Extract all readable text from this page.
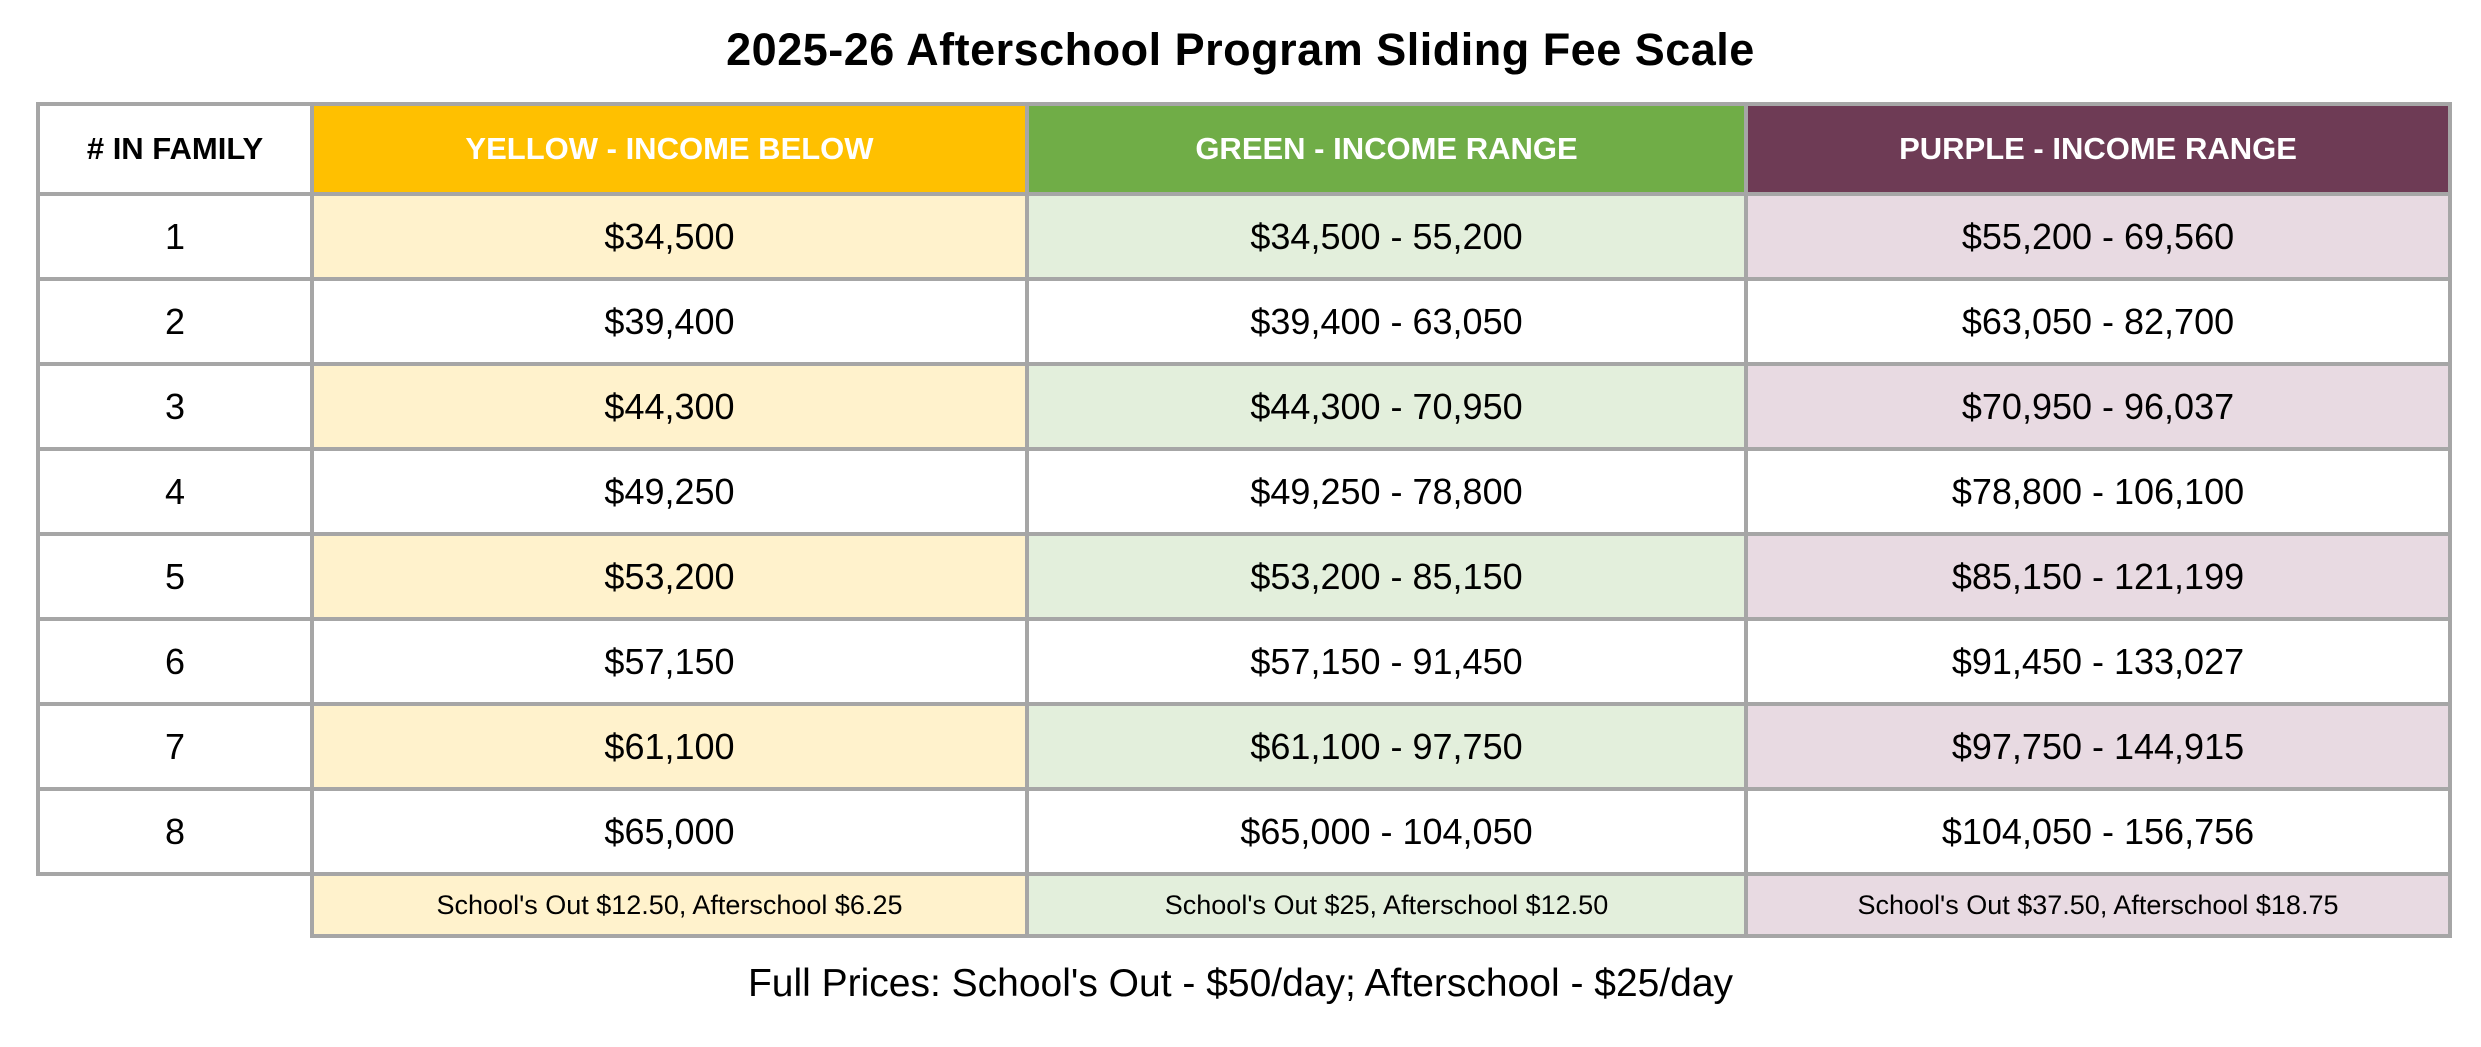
2025-26 Afterschool Program Sliding Fee Scale
# IN FAMILY	YELLOW - INCOME BELOW	GREEN - INCOME RANGE	PURPLE - INCOME RANGE
1	$34,500	$34,500 - 55,200	$55,200 - 69,560
2	$39,400	$39,400 - 63,050	$63,050 - 82,700
3	$44,300	$44,300 - 70,950	$70,950 - 96,037
4	$49,250	$49,250 - 78,800	$78,800 - 106,100
5	$53,200	$53,200 - 85,150	$85,150 - 121,199
6	$57,150	$57,150 - 91,450	$91,450 - 133,027
7	$61,100	$61,100 - 97,750	$97,750 - 144,915
8	$65,000	$65,000 - 104,050	$104,050 - 156,756
	School's Out $12.50, Afterschool $6.25	School's Out $25, Afterschool $12.50	School's Out $37.50, Afterschool $18.75
Full Prices: School's Out - $50/day; Afterschool - $25/day
